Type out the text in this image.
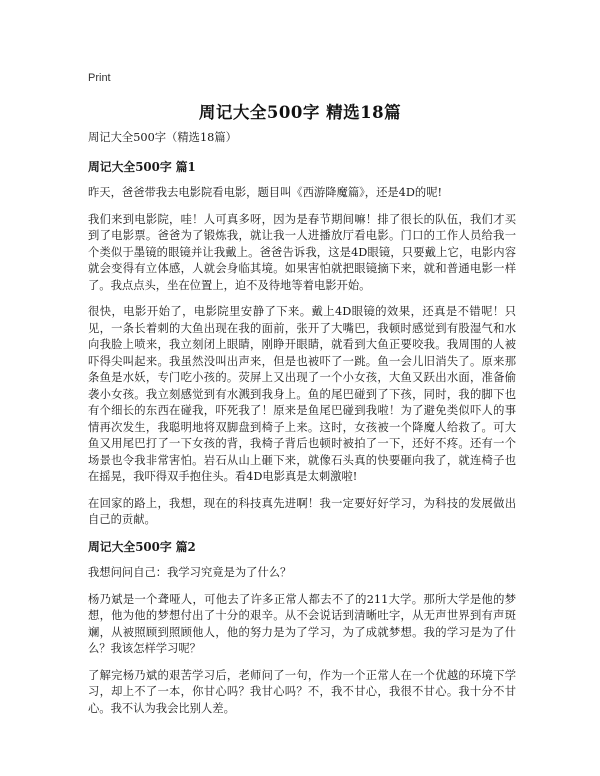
Print
周记大全500字 精选18篇

周记大全500字（精选18篇）

周记大全500字 篇1

昨天，爸爸带我去电影院看电影，题目叫《西游降魔篇》，还是4D的呢!

我们来到电影院，哇！人可真多呀，因为是春节期间嘛！排了很长的队伍，我们才买到了电影票。爸爸为了锻炼我，就让我一人进播放厅看电影。门口的工作人员给我一个类似于墨镜的眼镜并让我戴上。爸爸告诉我，这是4D眼镜，只要戴上它，电影内容就会变得有立体感，人就会身临其境。如果害怕就把眼镜摘下来，就和普通电影一样了。我点点头，坐在位置上，迫不及待地等着电影开始。

很快，电影开始了，电影院里安静了下来。戴上4D眼镜的效果，还真是不错呢！只见，一条长着刺的大鱼出现在我的面前，张开了大嘴巴，我顿时感觉到有股湿气和水向我脸上喷来，我立刻闭上眼睛，刚睁开眼睛，就看到大鱼正要咬我。我周围的人被吓得尖叫起来。我虽然没叫出声来，但是也被吓了一跳。鱼一会儿旧消失了。原来那条鱼是水妖，专门吃小孩的。荧屏上又出现了一个小女孩，大鱼又跃出水面，准备偷袭小女孩。我立刻感觉到有水溅到我身上。鱼的尾巴碰到了下孩，同时，我的脚下也有个细长的东西在碰我，吓死我了！原来是鱼尾巴碰到我啦！为了避免类似吓人的事情再次发生，我聪明地将双脚盘到椅子上来。这时，女孩被一个降魔人给救了。可大鱼又用尾巴打了一下女孩的背，我椅子背后也顿时被拍了一下，还好不疼。还有一个场景也令我非常害怕。岩石从山上砸下来，就像石头真的快要砸向我了，就连椅子也在摇晃，我吓得双手抱住头。看4D电影真是太刺激啦!

在回家的路上，我想，现在的科技真先进啊！我一定要好好学习，为科技的发展做出自己的贡献。

周记大全500字 篇2

我想问问自己：我学习究竟是为了什么？

杨乃斌是一个聋哑人，可他去了许多正常人都去不了的211大学。那所大学是他的梦想，他为他的梦想付出了十分的艰辛。从不会说话到清晰吐字，从无声世界到有声斑斓，从被照顾到照顾他人，他的努力是为了学习，为了成就梦想。我的学习是为了什么？我该怎样学习呢？

了解完杨乃斌的艰苦学习后，老师问了一句，作为一个正常人在一个优越的环境下学习，却上不了一本，你甘心吗？我甘心吗？不，我不甘心，我很不甘心。我十分不甘心。我不认为我会比别人差。
